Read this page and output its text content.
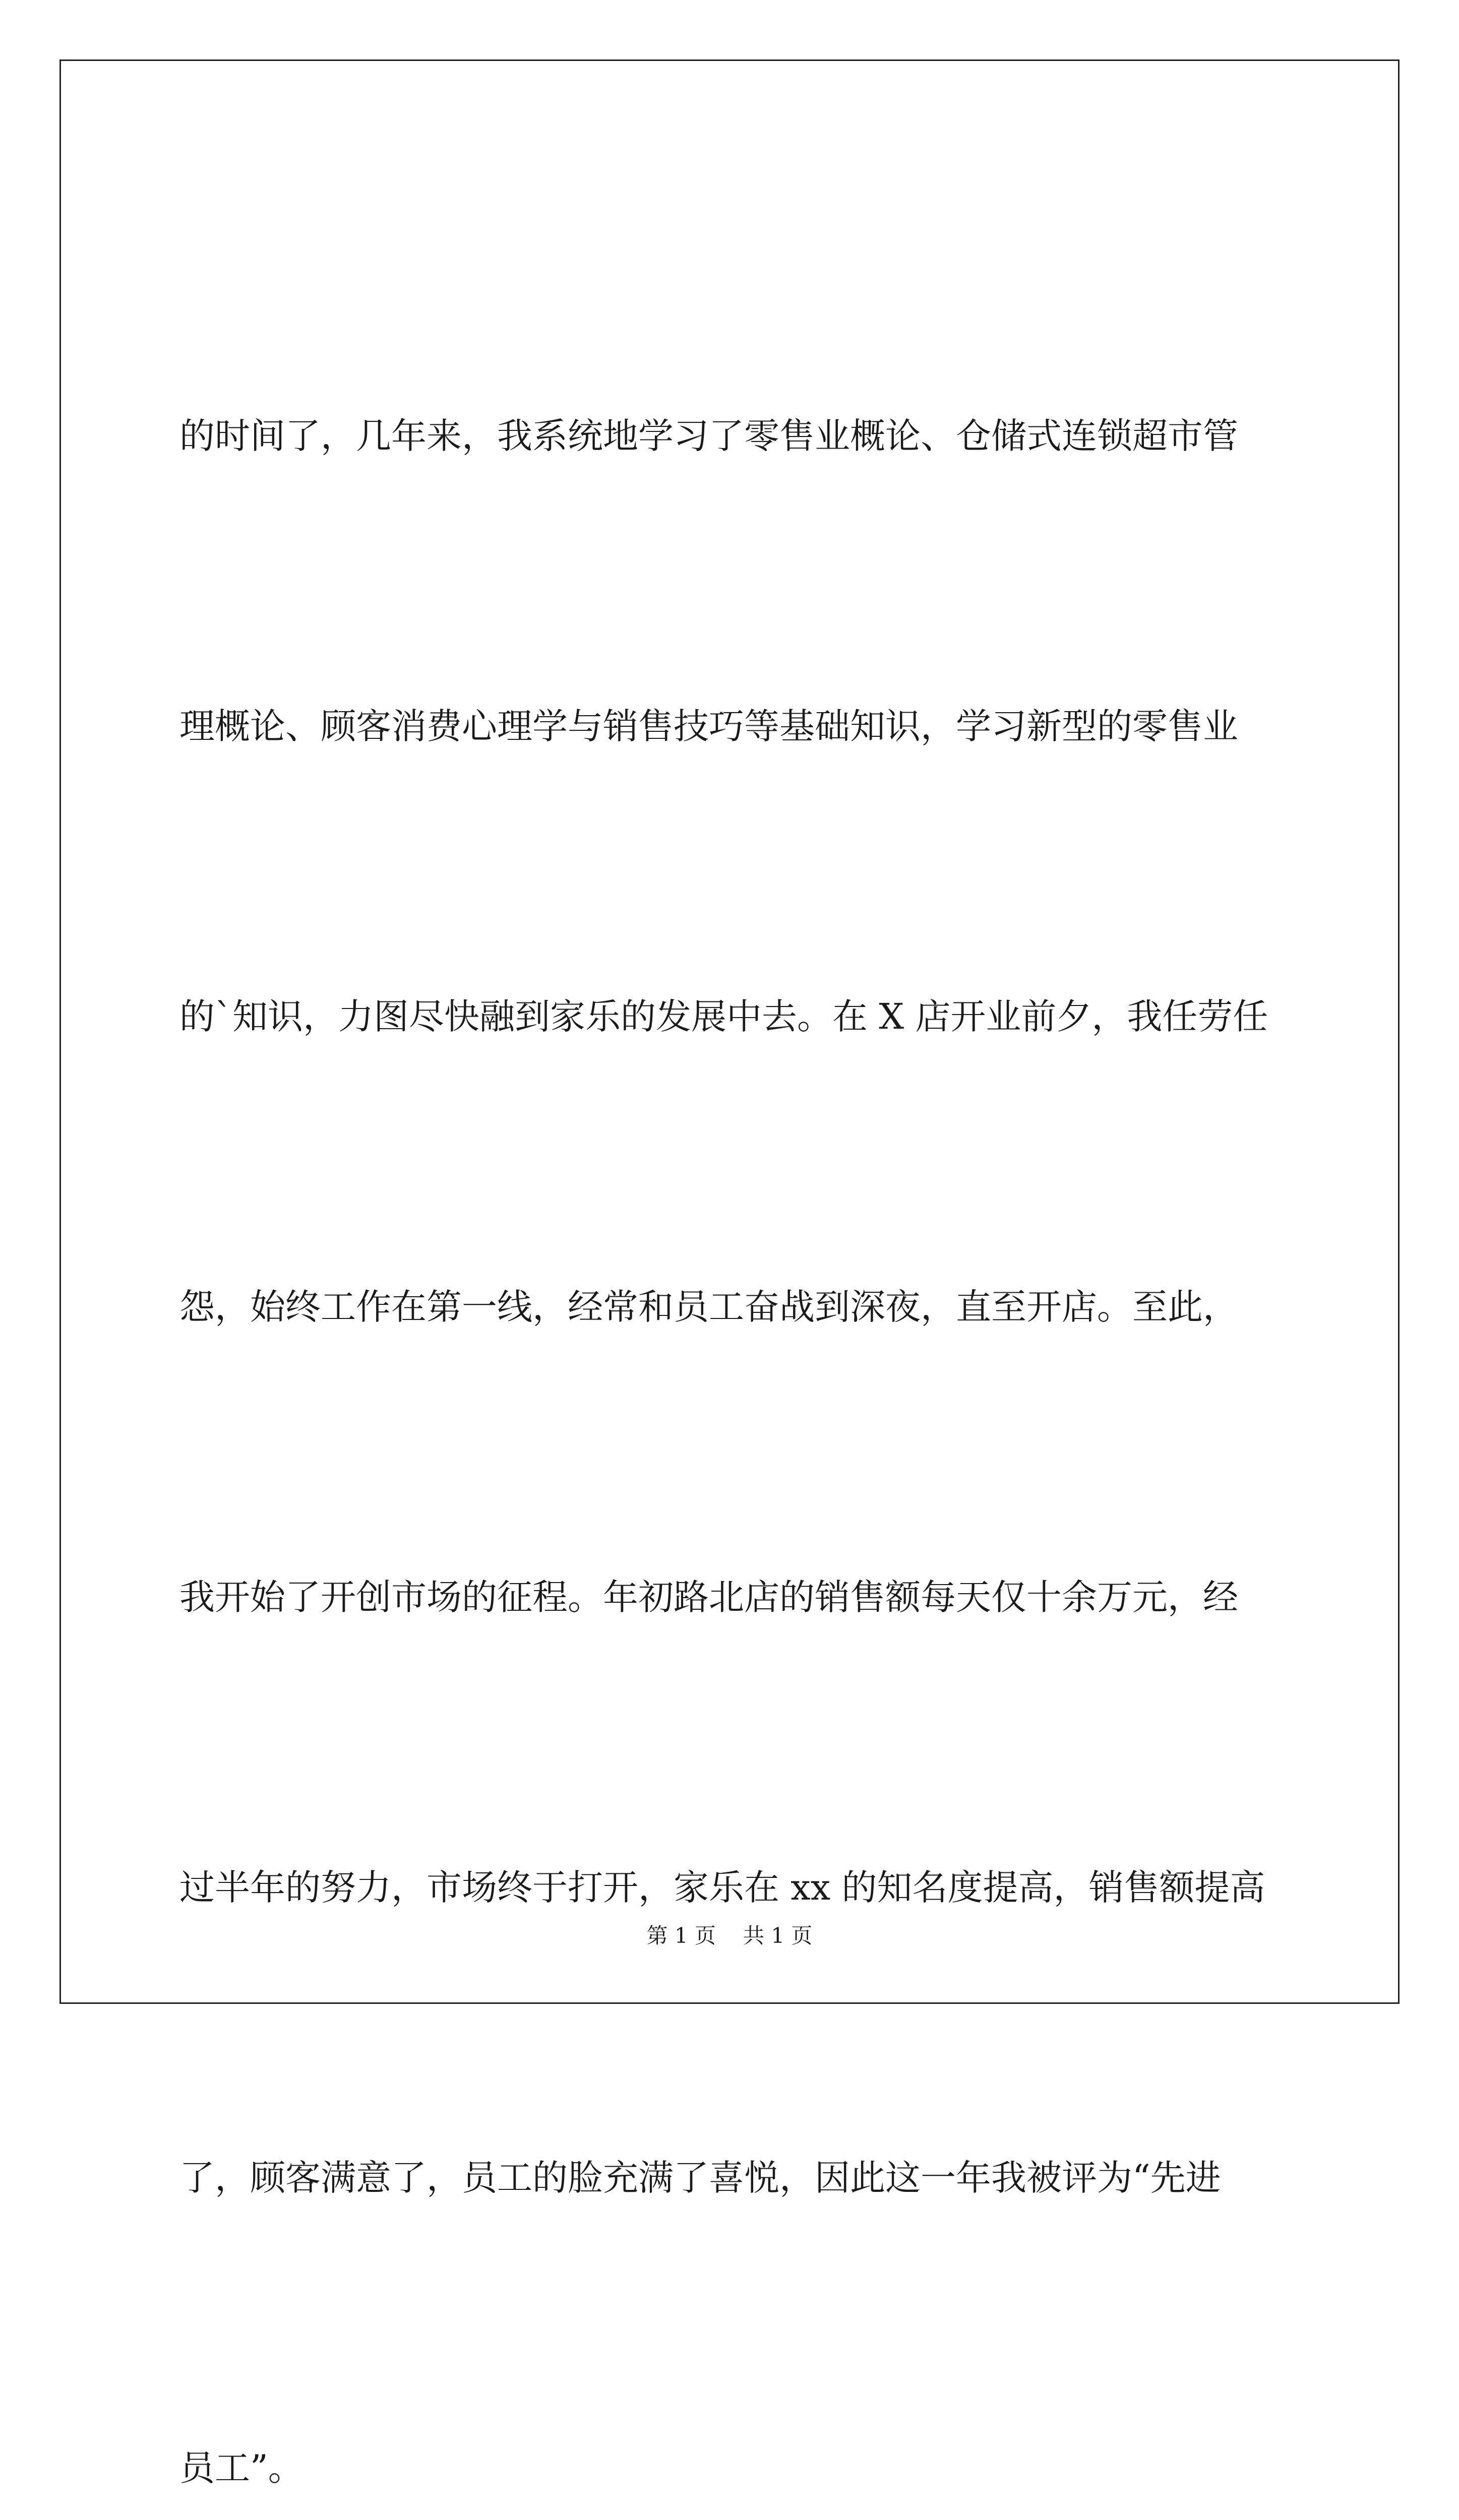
的时间了，几年来，我系统地学习了零售业概论、仓储式连锁超市管

理概论、顾客消费心理学与销售技巧等基础知识，学习新型的零售业

的`知识，力图尽快融到家乐的发展中去。在 X 店开业前夕，我任劳任

怨，始终工作在第一线，经常和员工奋战到深夜，直至开店。至此，

我开始了开创市场的征程。年初路北店的销售额每天仅十余万元，经

过半年的努力，市场终于打开，家乐在 xx 的知名度提高，销售额提高

了，顾客满意了，员工的脸充满了喜悦，因此这一年我被评为“先进

员工”。

第 1 页 共 1 页
